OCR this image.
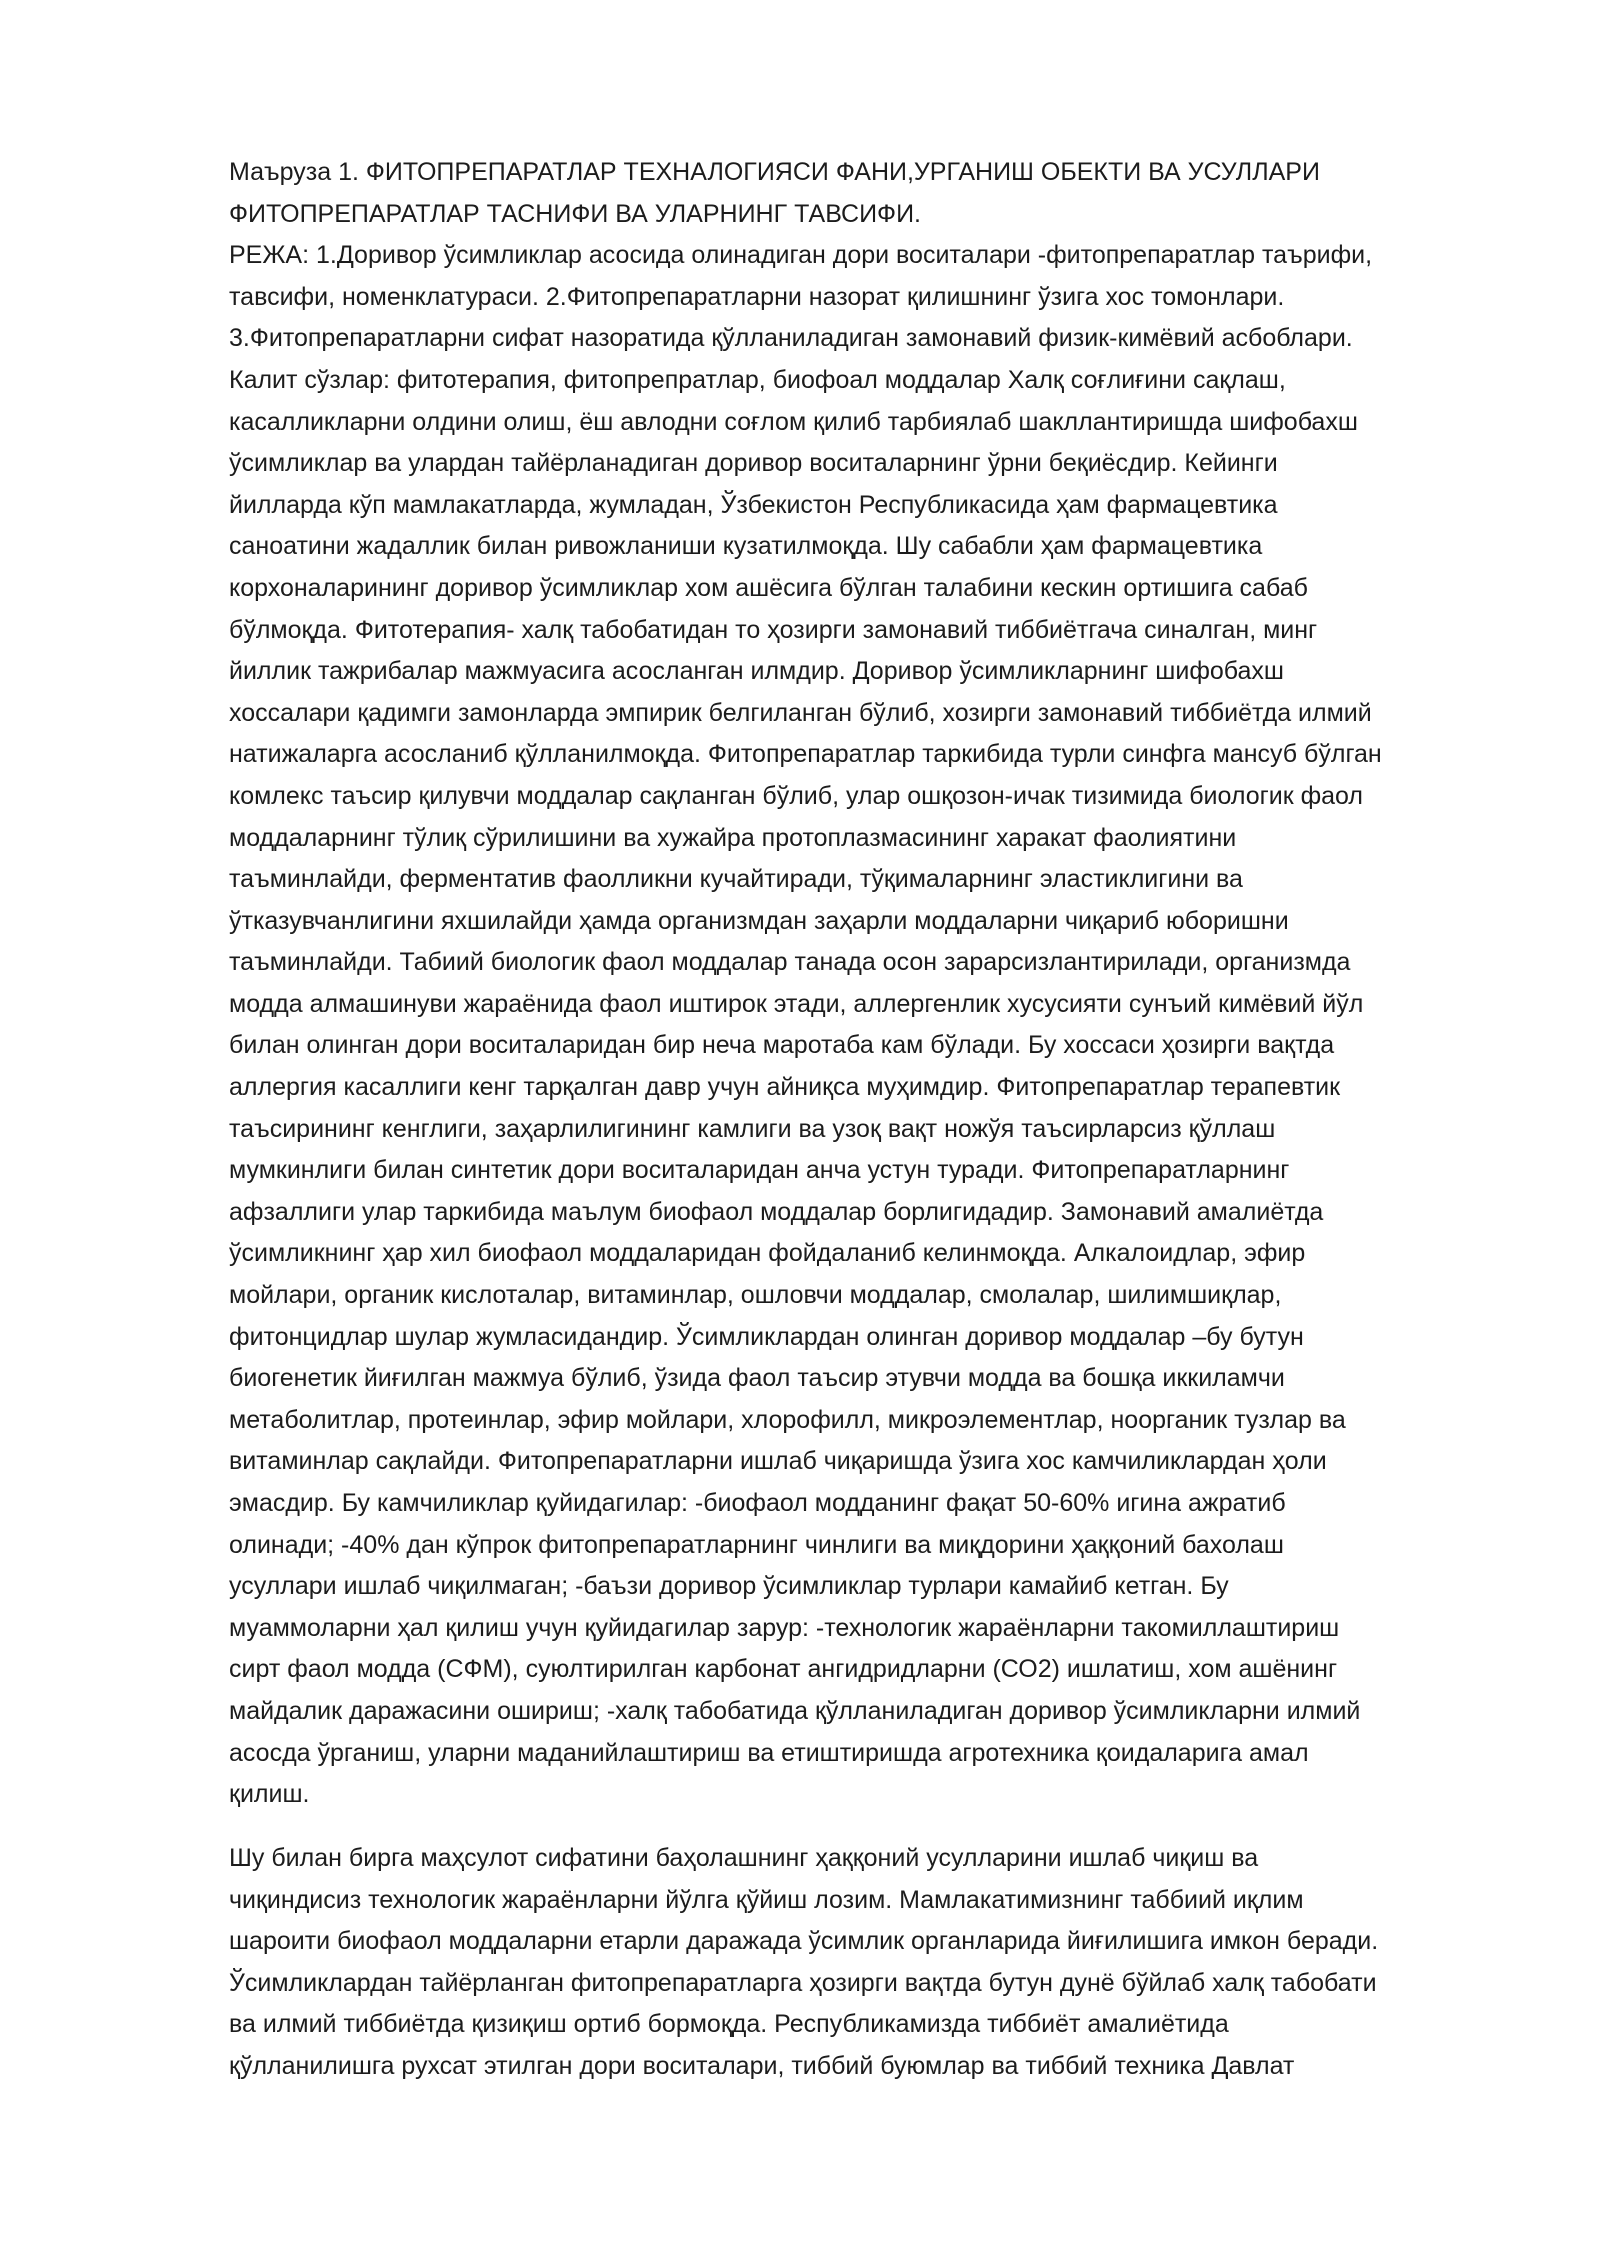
Маъруза 1. ФИТОПРЕПАРАТЛАР ТЕХНАЛОГИЯСИ ФАНИ,УРГАНИШ ОБЕКТИ ВА УСУЛЛАРИ
ФИТОПРЕПАРАТЛАР ТАСНИФИ ВА УЛАРНИНГ ТАВСИФИ.
РЕЖА: 1.Доривор ўсимликлар асосида олинадиган дори воситалари -фитопрепаратлар таърифи,
тавсифи, номенклатураси. 2.Фитопрепаратларни назорат қилишнинг ўзига хос томонлари.
3.Фитопрепаратларни сифат назоратида қўлланиладиган замонавий физик-кимёвий асбоблари.
Калит сўзлар: фитотерапия, фитопрепратлар, биофоал моддалар Халқ соғлиғини сақлаш,
касалликларни олдини олиш, ёш авлодни соғлом қилиб тарбиялаб шакллантиришда шифобахш
ўсимликлар ва улардан тайёрланадиган доривор воситаларнинг ўрни беқиёсдир. Кейинги
йилларда кўп мамлакатларда, жумладан, Ўзбекистон Республикасида ҳам фармацевтика
саноатини жадаллик билан ривожланиши кузатилмоқда. Шу сабабли ҳам фармацевтика
корхоналарининг доривор ўсимликлар хом ашёсига бўлган талабини кескин ортишига сабаб
бўлмоқда. Фитотерапия- халқ табобатидан то ҳозирги замонавий тиббиётгача синалган, минг
йиллик тажрибалар мажмуасига асосланган илмдир. Доривор ўсимликларнинг шифобахш
хоссалари қадимги замонларда эмпирик белгиланган бўлиб, хозирги замонавий тиббиётда илмий
натижаларга асосланиб қўлланилмоқда. Фитопрепаратлар таркибида турли синфга мансуб бўлган
комлекс таъсир қилувчи моддалар сақланган бўлиб, улар ошқозон-ичак тизимида биологик фаол
моддаларнинг тўлиқ сўрилишини ва хужайра протоплазмасининг харакат фаолиятини
таъминлайди, ферментатив фаолликни кучайтиради, тўқималарнинг эластиклигини ва
ўтказувчанлигини яхшилайди ҳамда организмдан заҳарли моддаларни чиқариб юборишни
таъминлайди. Табиий биологик фаол моддалар танада осон зарарсизлантирилади, организмда
модда алмашинуви жараёнида фаол иштирок этади, аллергенлик хусусияти сунъий кимёвий йўл
билан олинган дори воситаларидан бир неча маротаба кам бўлади. Бу хоссаси ҳозирги вақтда
аллергия касаллиги кенг тарқалган давр учун айниқса муҳимдир. Фитопрепаратлар терапевтик
таъсирининг кенглиги, заҳарлилигининг камлиги ва узоқ вақт ножўя таъсирларсиз қўллаш
мумкинлиги билан синтетик дори воситаларидан анча устун туради. Фитопрепаратларнинг
афзаллиги улар таркибида маълум биофаол моддалар борлигидадир. Замонавий амалиётда
ўсимликнинг ҳар хил биофаол моддаларидан фойдаланиб келинмоқда. Алкалоидлар, эфир
мойлари, органик кислоталар, витаминлар, ошловчи моддалар, смолалар, шилимшиқлар,
фитонцидлар шулар жумласидандир. Ўсимликлардан олинган доривор моддалар –бу бутун
биогенетик йиғилган мажмуа бўлиб, ўзида фаол таъсир этувчи модда ва бошқа иккиламчи
метаболитлар, протеинлар, эфир мойлари, хлорофилл, микроэлементлар, ноорганик тузлар ва
витаминлар сақлайди. Фитопрепаратларни ишлаб чиқаришда ўзига хос камчиликлардан ҳоли
эмасдир. Бу камчиликлар қуйидагилар: -биофаол модданинг фақат 50-60% игина ажратиб
олинади; -40% дан кўпрок фитопрепаратларнинг чинлиги ва миқдорини ҳаққоний бахолаш
усуллари ишлаб чиқилмаган; -баъзи доривор ўсимликлар турлари камайиб кетган. Бу
муаммоларни ҳал қилиш учун қуйидагилар зарур: -технологик жараёнларни такомиллаштириш
сирт фаол модда (СФМ), суюлтирилган карбонат ангидридларни (СО2) ишлатиш, хом ашёнинг
майдалик даражасини ошириш; -халқ табобатида қўлланиладиган доривор ўсимликларни илмий
асосда ўрганиш, уларни маданийлаштириш ва етиштиришда агротехника қоидаларига амал
қилиш.
Шу билан бирга маҳсулот сифатини баҳолашнинг ҳаққоний усулларини ишлаб чиқиш ва
чиқиндисиз технологик жараёнларни йўлга қўйиш лозим. Мамлакатимизнинг таббиий иқлим
шароити биофаол моддаларни етарли даражада ўсимлик органларида йиғилишига имкон беради.
Ўсимликлардан тайёрланган фитопрепаратларга ҳозирги вақтда бутун дунё бўйлаб халқ табобати
ва илмий тиббиётда қизиқиш ортиб бормоқда. Республикамизда тиббиёт амалиётида
қўлланилишга рухсат этилган дори воситалари, тиббий буюмлар ва тиббий техника Давлат
